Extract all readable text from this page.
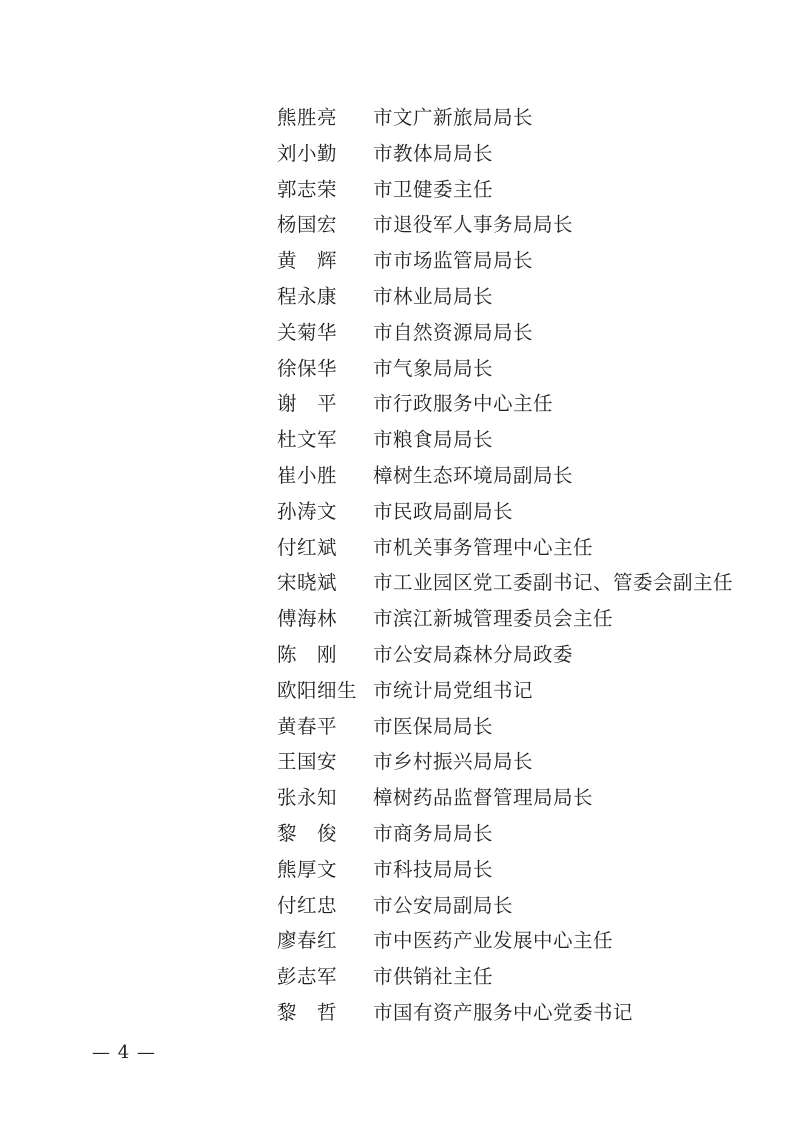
熊胜亮	市文广新旅局局长
刘小勤	市教体局局长
郭志荣	市卫健委主任
杨国宏	市退役军人事务局局长
黄　辉	市市场监管局局长
程永康	市林业局局长
关菊华	市自然资源局局长
徐保华	市气象局局长
谢　平	市行政服务中心主任
杜文军	市粮食局局长
崔小胜	樟树生态环境局副局长
孙涛文	市民政局副局长
付红斌	市机关事务管理中心主任
宋晓斌	市工业园区党工委副书记、管委会副主任
傅海林	市滨江新城管理委员会主任
陈　刚	市公安局森林分局政委
欧阳细生 市统计局党组书记
黄春平	市医保局局长
王国安	市乡村振兴局局长
张永知	樟树药品监督管理局局长
黎　俊	市商务局局长
熊厚文	市科技局局长
付红忠	市公安局副局长
廖春红	市中医药产业发展中心主任
彭志军	市供销社主任
黎　哲	市国有资产服务中心党委书记
— 4 —
